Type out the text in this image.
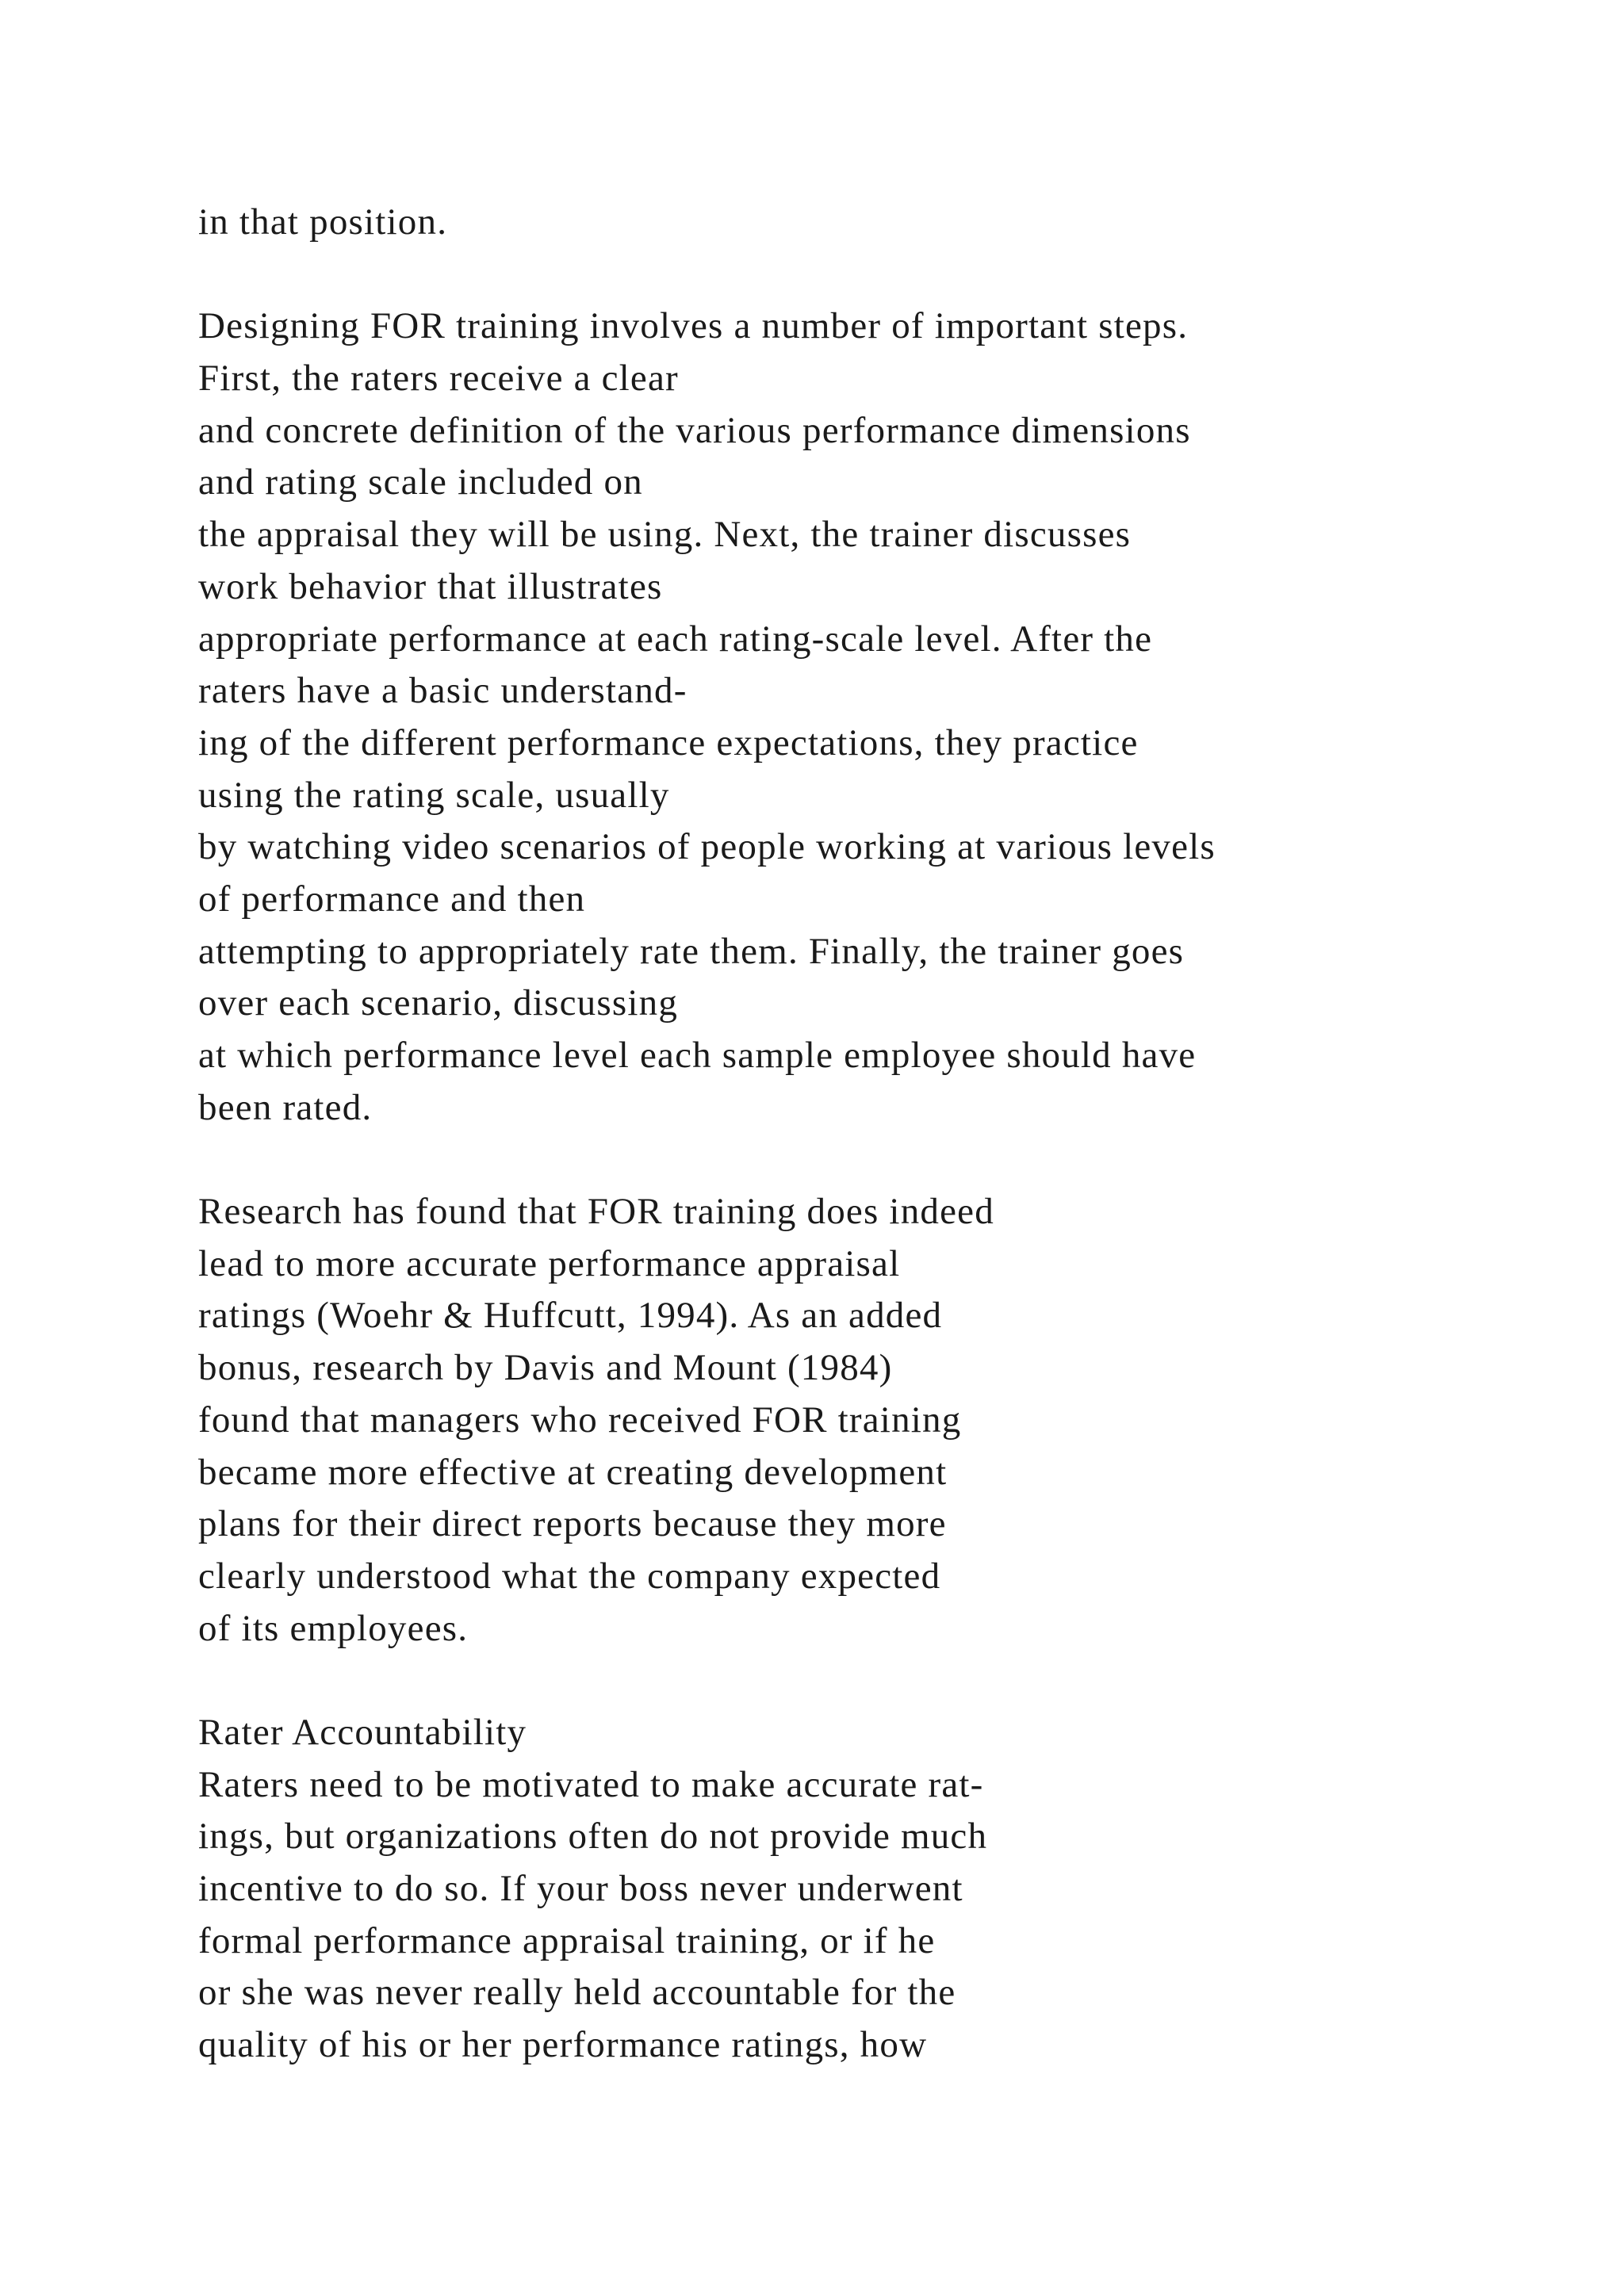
in that position.
Designing FOR training involves a number of important steps.
First, the raters receive a clear
and concrete definition of the various performance dimensions
and rating scale included on
the appraisal they will be using. Next, the trainer discusses
work behavior that illustrates
appropriate performance at each rating-scale level. After the
raters have a basic understand-
ing of the different performance expectations, they practice
using the rating scale, usually
by watching video scenarios of people working at various levels
of performance and then
attempting to appropriately rate them. Finally, the trainer goes
over each scenario, discussing
at which performance level each sample employee should have
been rated.
Research has found that FOR training does indeed
lead to more accurate performance appraisal
ratings (Woehr & Huffcutt, 1994). As an added
bonus, research by Davis and Mount (1984)
found that managers who received FOR training
became more effective at creating development
plans for their direct reports because they more
clearly understood what the company expected
of its employees.
Rater Accountability
Raters need to be motivated to make accurate rat-
ings, but organizations often do not provide much
incentive to do so. If your boss never underwent
formal performance appraisal training, or if he
or she was never really held accountable for the
quality of his or her performance ratings, how
